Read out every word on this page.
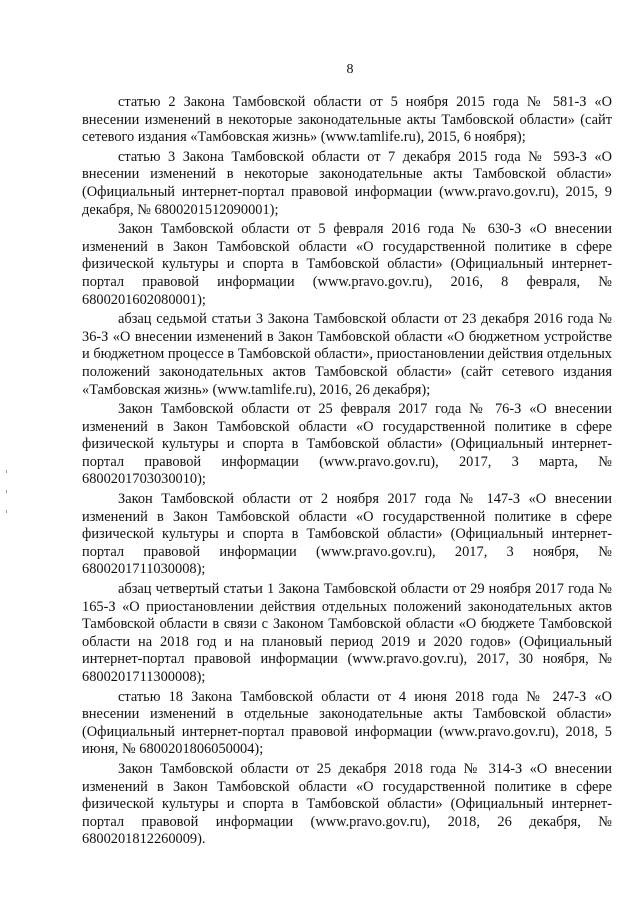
8

статью 2 Закона Тамбовской области от 5 ноября 2015 года № 581-З «О внесении изменений в некоторые законодательные акты Тамбовской области» (сайт сетевого издания «Тамбовская жизнь» (www.tamlife.ru), 2015, 6 ноября);

статью 3 Закона Тамбовской области от 7 декабря 2015 года № 593-З «О внесении изменений в некоторые законодательные акты Тамбовской области» (Официальный интернет-портал правовой информации (www.pravo.gov.ru), 2015, 9 декабря, № 6800201512090001);

Закон Тамбовской области от 5 февраля 2016 года № 630-З «О внесении изменений в Закон Тамбовской области «О государственной политике в сфере физической культуры и спорта в Тамбовской области» (Официальный интернет-портал правовой информации (www.pravo.gov.ru), 2016, 8 февраля, № 6800201602080001);

абзац седьмой статьи 3 Закона Тамбовской области от 23 декабря 2016 года № 36-З «О внесении изменений в Закон Тамбовской области «О бюджетном устройстве и бюджетном процессе в Тамбовской области», приостановлении действия отдельных положений законодательных актов Тамбовской области» (сайт сетевого издания «Тамбовская жизнь» (www.tamlife.ru), 2016, 26 декабря);

Закон Тамбовской области от 25 февраля 2017 года № 76-З «О внесении изменений в Закон Тамбовской области «О государственной политике в сфере физической культуры и спорта в Тамбовской области» (Официальный интернет-портал правовой информации (www.pravo.gov.ru), 2017, 3 марта, № 6800201703030010);

Закон Тамбовской области от 2 ноября 2017 года № 147-З «О внесении изменений в Закон Тамбовской области «О государственной политике в сфере физической культуры и спорта в Тамбовской области» (Официальный интернет-портал правовой информации (www.pravo.gov.ru), 2017, 3 ноября, № 6800201711030008);

абзац четвертый статьи 1 Закона Тамбовской области от 29 ноября 2017 года № 165-З «О приостановлении действия отдельных положений законодательных актов Тамбовской области в связи с Законом Тамбовской области «О бюджете Тамбовской области на 2018 год и на плановый период 2019 и 2020 годов» (Официальный интернет-портал правовой информации (www.pravo.gov.ru), 2017, 30 ноября, № 6800201711300008);

статью 18 Закона Тамбовской области от 4 июня 2018 года № 247-З «О внесении изменений в отдельные законодательные акты Тамбовской области» (Официальный интернет-портал правовой информации (www.pravo.gov.ru), 2018, 5 июня, № 6800201806050004);

Закон Тамбовской области от 25 декабря 2018 года № 314-З «О внесении изменений в Закон Тамбовской области «О государственной политике в сфере физической культуры и спорта в Тамбовской области» (Официальный интернет-портал правовой информации (www.pravo.gov.ru), 2018, 26 декабря, № 6800201812260009).
